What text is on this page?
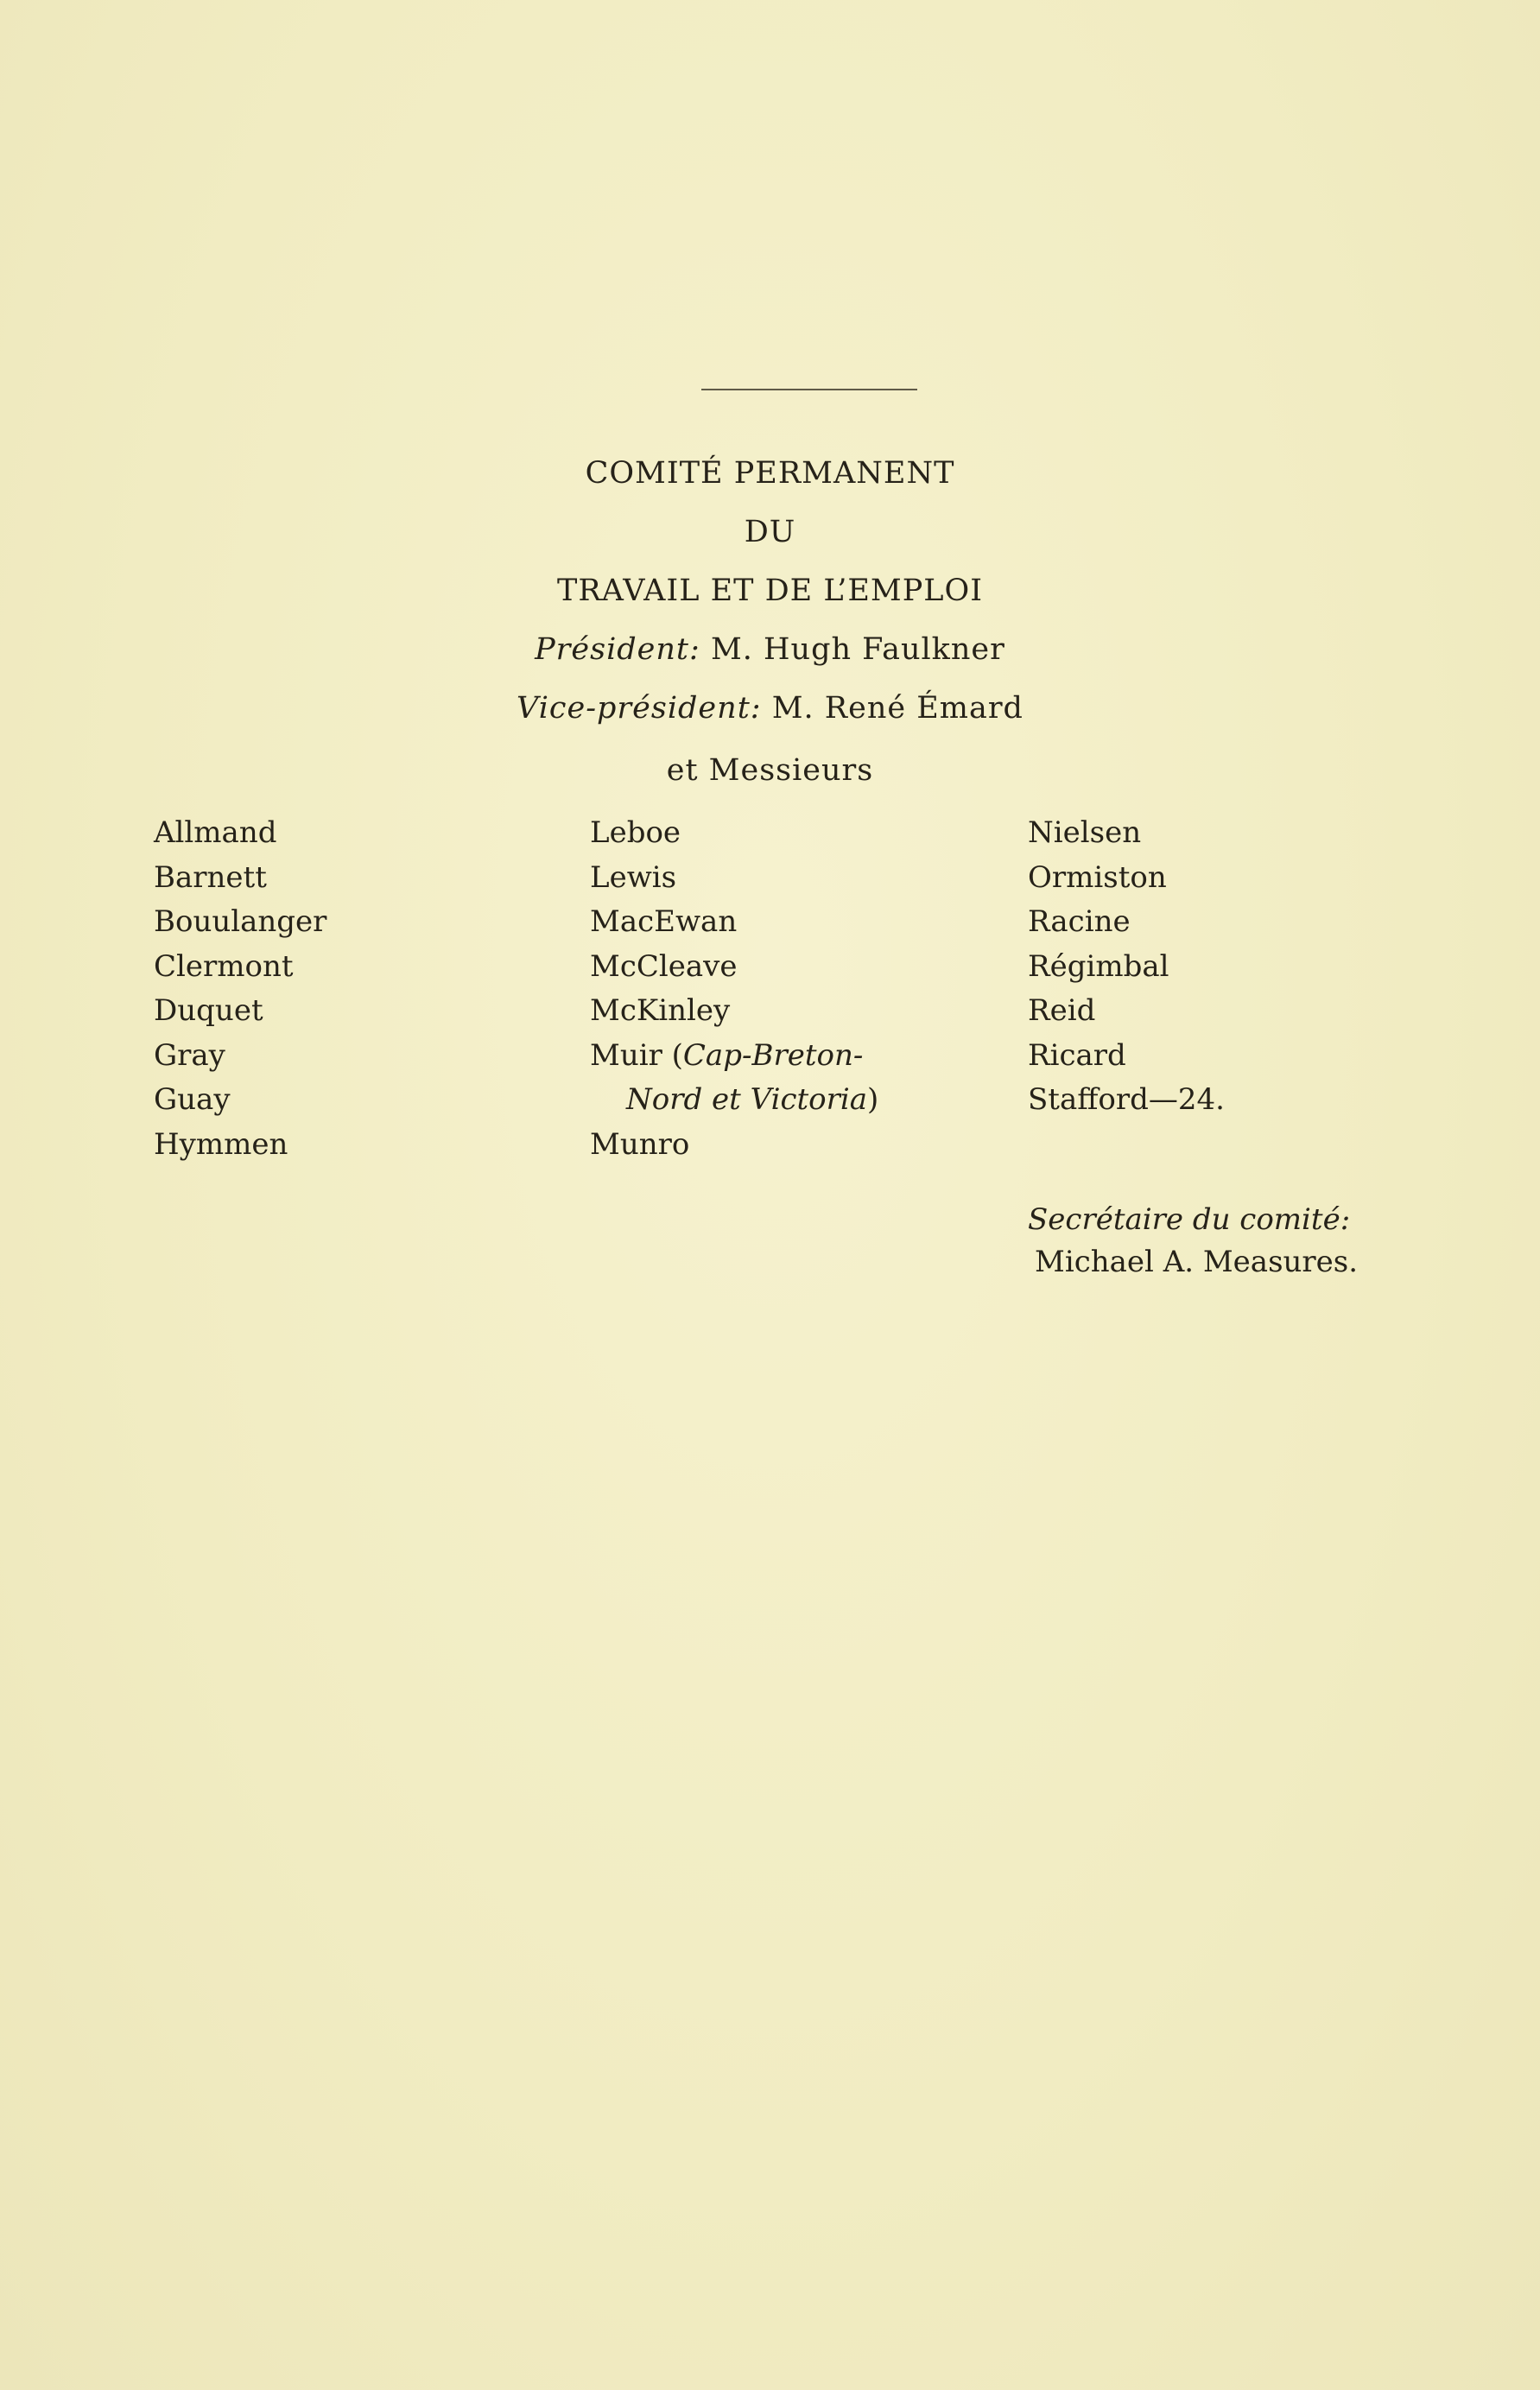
COMITÉ PERMANENT
DU
TRAVAIL ET DE L’EMPLOI
Président: M. Hugh Faulkner
Vice-président: M. René Émard
et Messieurs
Allmand
Barnett
Bouulanger
Clermont
Duquet
Gray
Guay
Hymmen
Leboe
Lewis
MacEwan
McCleave
McKinley
Muir (Cap-Breton-
Nord et Victoria)
Munro
Nielsen
Ormiston
Racine
Régimbal
Reid
Ricard
Stafford—24.
Secrétaire du comité:
Michael A. Measures.
